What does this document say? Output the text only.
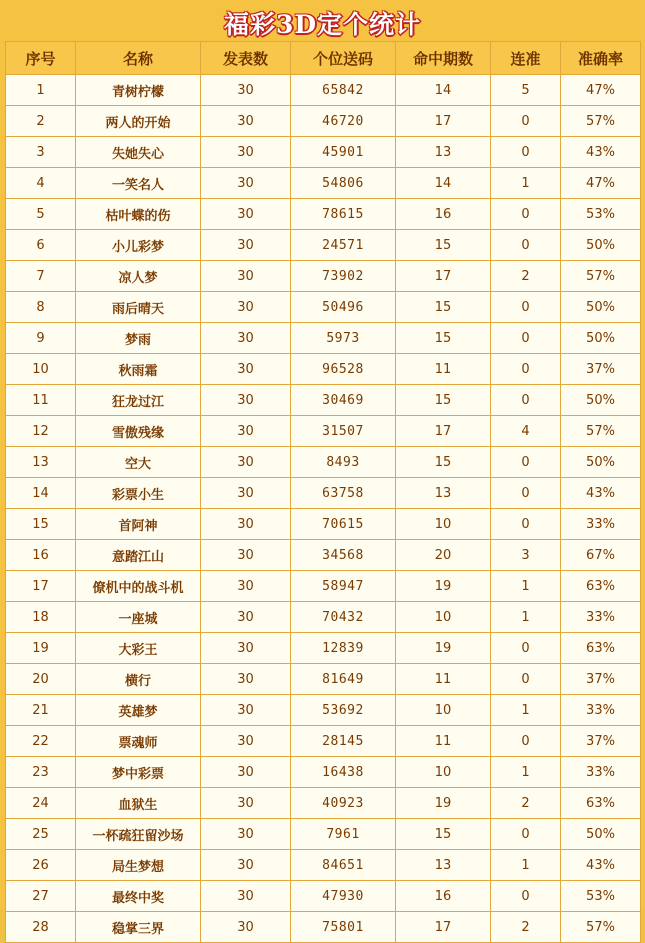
福彩3D定个统计
序号	名称	发表数	个位送码	命中期数	连准	准确率
1	青树柠檬	30	65842	14	5	47%
2	两人的开始	30	46720	17	0	57%
3	失她失心	30	45901	13	0	43%
4	一笑名人	30	54806	14	1	47%
5	枯叶蝶的伤	30	78615	16	0	53%
6	小儿彩梦	30	24571	15	0	50%
7	凉人梦	30	73902	17	2	57%
8	雨后晴天	30	50496	15	0	50%
9	梦雨	30	5973	15	0	50%
10	秋雨霜	30	96528	11	0	37%
11	狂龙过江	30	30469	15	0	50%
12	雪傲残缘	30	31507	17	4	57%
13	空大	30	8493	15	0	50%
14	彩票小生	30	63758	13	0	43%
15	首阿神	30	70615	10	0	33%
16	意踏江山	30	34568	20	3	67%
17	僚机中的战斗机	30	58947	19	1	63%
18	一座城	30	70432	10	1	33%
19	大彩王	30	12839	19	0	63%
20	横行	30	81649	11	0	37%
21	英雄梦	30	53692	10	1	33%
22	票魂师	30	28145	11	0	37%
23	梦中彩票	30	16438	10	1	33%
24	血狱生	30	40923	19	2	63%
25	一杯疏狂留沙场	30	7961	15	0	50%
26	局生梦想	30	84651	13	1	43%
27	最终中奖	30	47930	16	0	53%
28	稳掌三界	30	75801	17	2	57%
